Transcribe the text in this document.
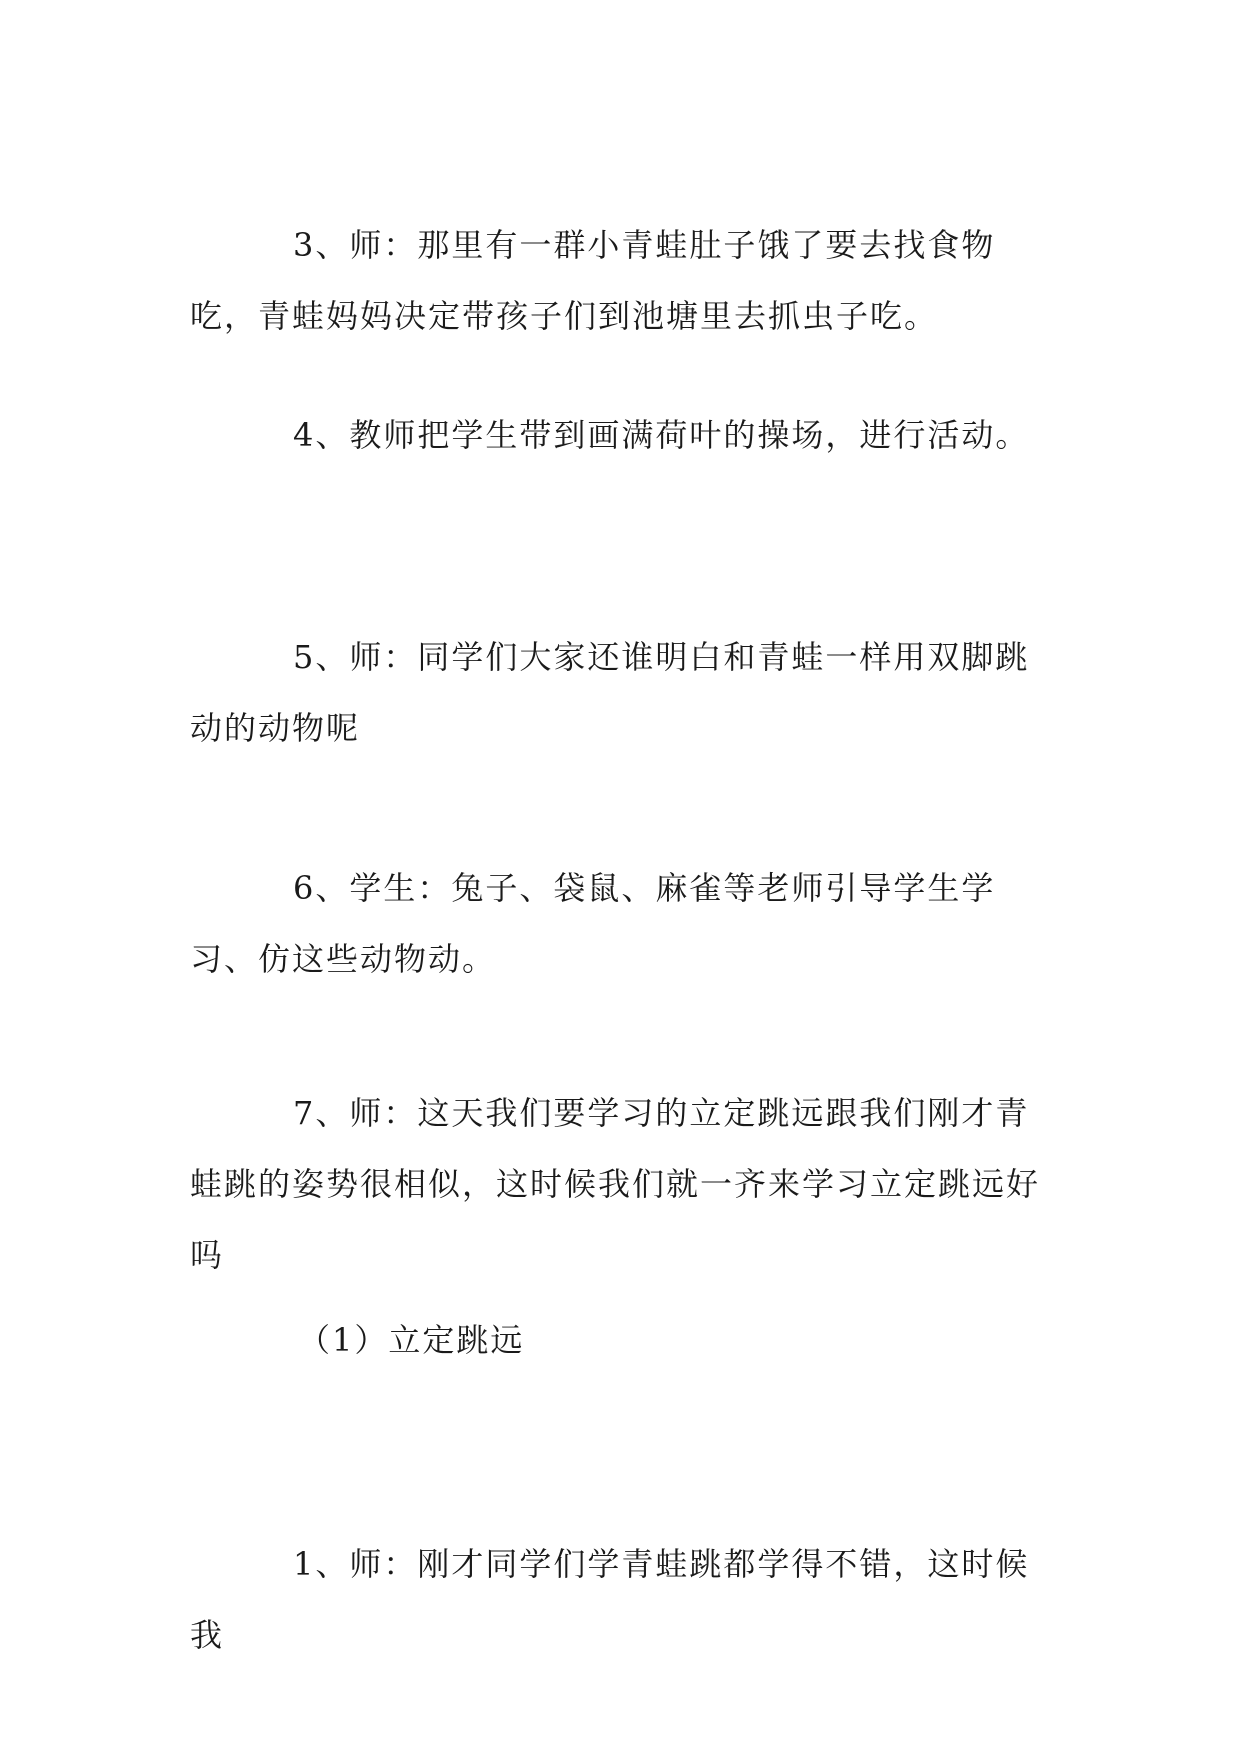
3、师：那里有一群小青蛙肚子饿了要去找食物吃，青蛙妈妈决定带孩子们到池塘里去抓虫子吃。

4、教师把学生带到画满荷叶的操场，进行活动。

5、师：同学们大家还谁明白和青蛙一样用双脚跳动的动物呢

6、学生：兔子、袋鼠、麻雀等老师引导学生学习、仿这些动物动。

7、师：这天我们要学习的立定跳远跟我们刚才青蛙跳的姿势很相似，这时候我们就一齐来学习立定跳远好吗

（1）立定跳远

1、师：刚才同学们学青蛙跳都学得不错，这时候我
